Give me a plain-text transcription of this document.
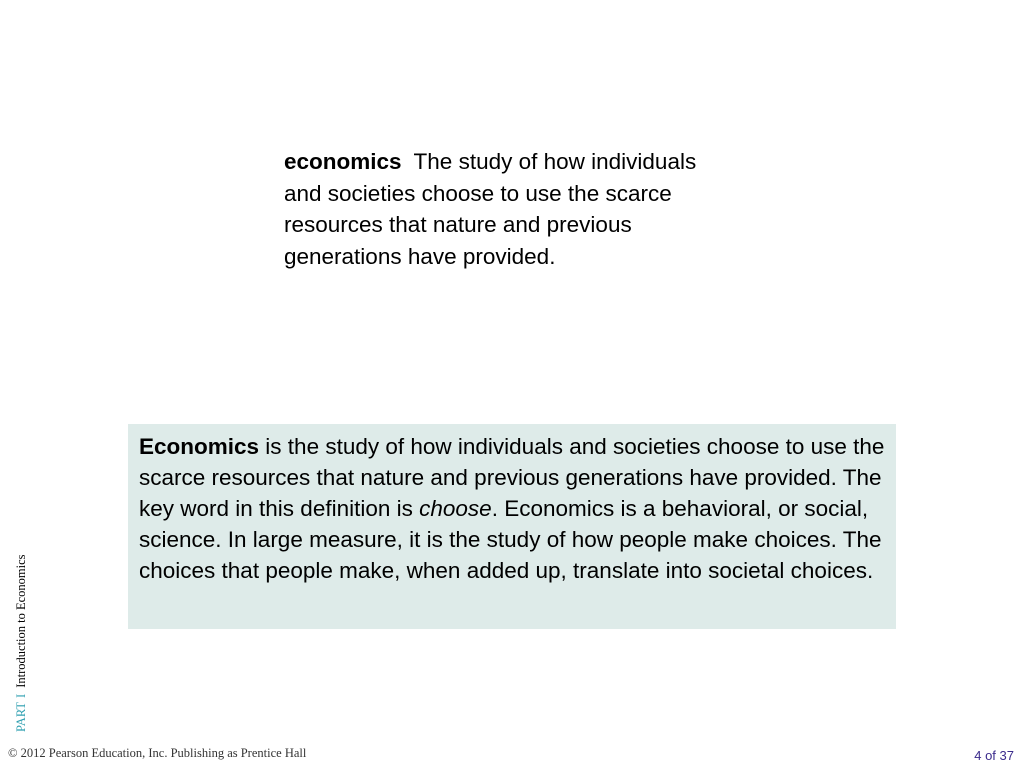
economics The study of how individuals and societies choose to use the scarce resources that nature and previous generations have provided.
Economics is the study of how individuals and societies choose to use the scarce resources that nature and previous generations have provided. The key word in this definition is choose. Economics is a behavioral, or social, science. In large measure, it is the study of how people make choices. The choices that people make, when added up, translate into societal choices.
PARTIIntroduction to Economics
© 2012 Pearson Education, Inc. Publishing as Prentice Hall	4 of 37
